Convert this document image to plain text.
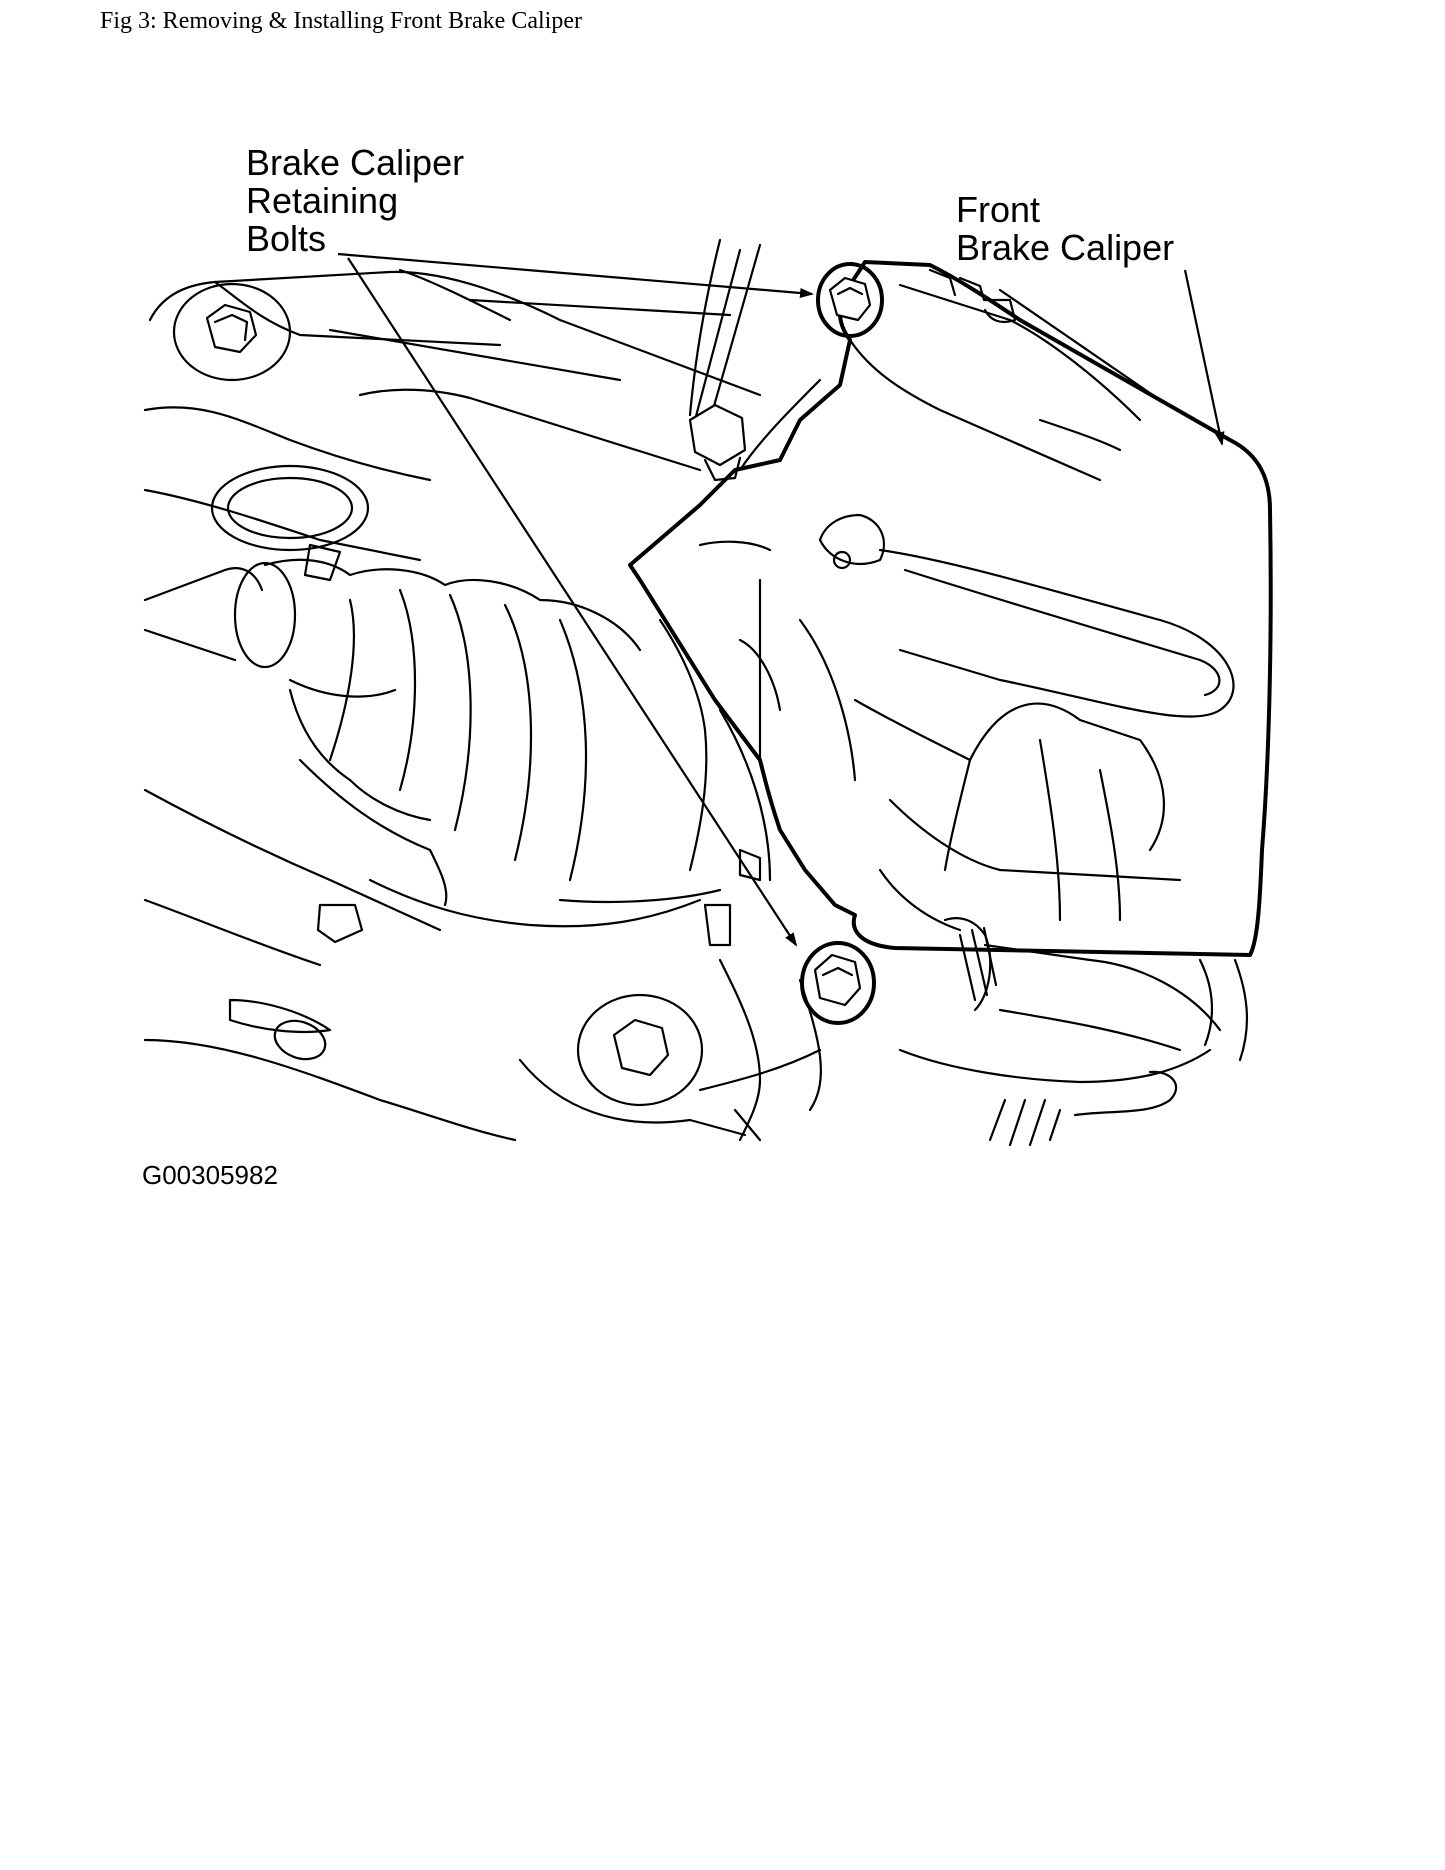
Fig 3: Removing & Installing Front Brake Caliper
Brake Caliper
Retaining
Bolts
Front
Brake Caliper
G00305982
